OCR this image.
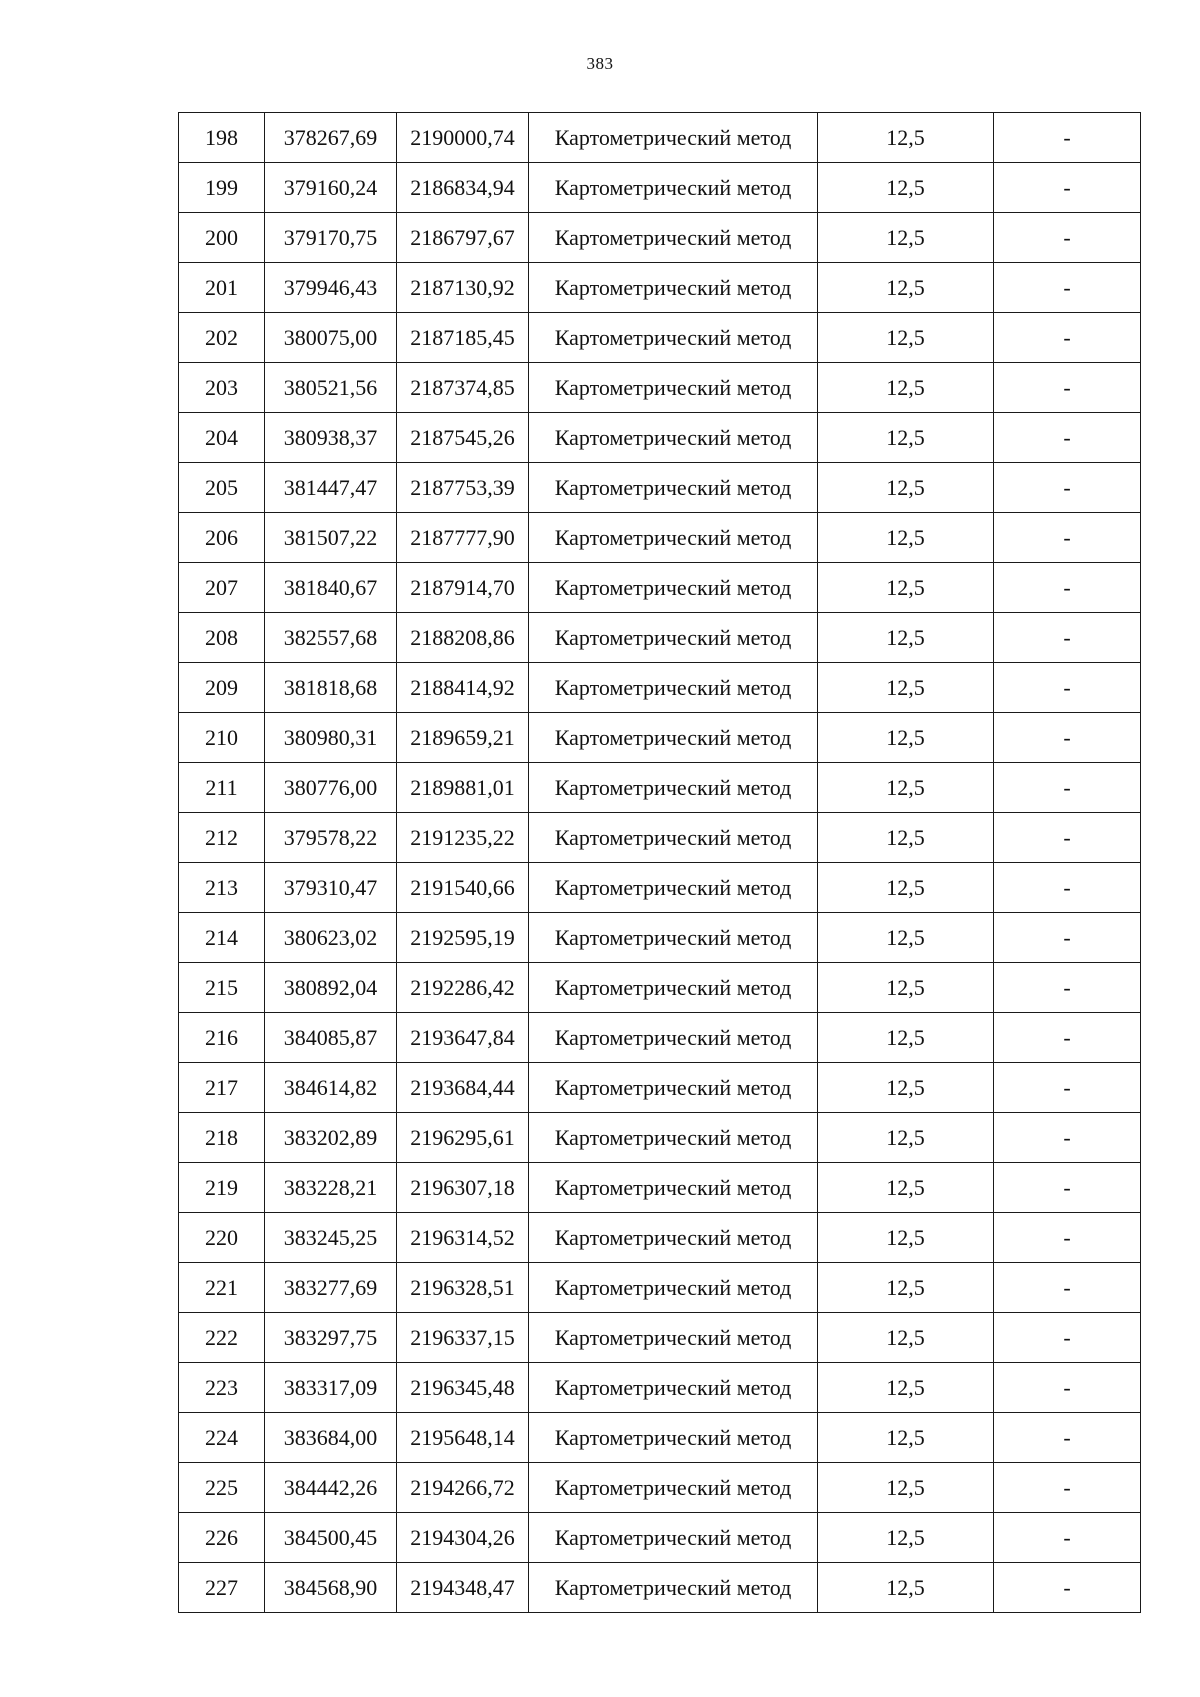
383
198	378267,69	2190000,74	Картометрический метод	12,5	-
199	379160,24	2186834,94	Картометрический метод	12,5	-
200	379170,75	2186797,67	Картометрический метод	12,5	-
201	379946,43	2187130,92	Картометрический метод	12,5	-
202	380075,00	2187185,45	Картометрический метод	12,5	-
203	380521,56	2187374,85	Картометрический метод	12,5	-
204	380938,37	2187545,26	Картометрический метод	12,5	-
205	381447,47	2187753,39	Картометрический метод	12,5	-
206	381507,22	2187777,90	Картометрический метод	12,5	-
207	381840,67	2187914,70	Картометрический метод	12,5	-
208	382557,68	2188208,86	Картометрический метод	12,5	-
209	381818,68	2188414,92	Картометрический метод	12,5	-
210	380980,31	2189659,21	Картометрический метод	12,5	-
211	380776,00	2189881,01	Картометрический метод	12,5	-
212	379578,22	2191235,22	Картометрический метод	12,5	-
213	379310,47	2191540,66	Картометрический метод	12,5	-
214	380623,02	2192595,19	Картометрический метод	12,5	-
215	380892,04	2192286,42	Картометрический метод	12,5	-
216	384085,87	2193647,84	Картометрический метод	12,5	-
217	384614,82	2193684,44	Картометрический метод	12,5	-
218	383202,89	2196295,61	Картометрический метод	12,5	-
219	383228,21	2196307,18	Картометрический метод	12,5	-
220	383245,25	2196314,52	Картометрический метод	12,5	-
221	383277,69	2196328,51	Картометрический метод	12,5	-
222	383297,75	2196337,15	Картометрический метод	12,5	-
223	383317,09	2196345,48	Картометрический метод	12,5	-
224	383684,00	2195648,14	Картометрический метод	12,5	-
225	384442,26	2194266,72	Картометрический метод	12,5	-
226	384500,45	2194304,26	Картометрический метод	12,5	-
227	384568,90	2194348,47	Картометрический метод	12,5	-
